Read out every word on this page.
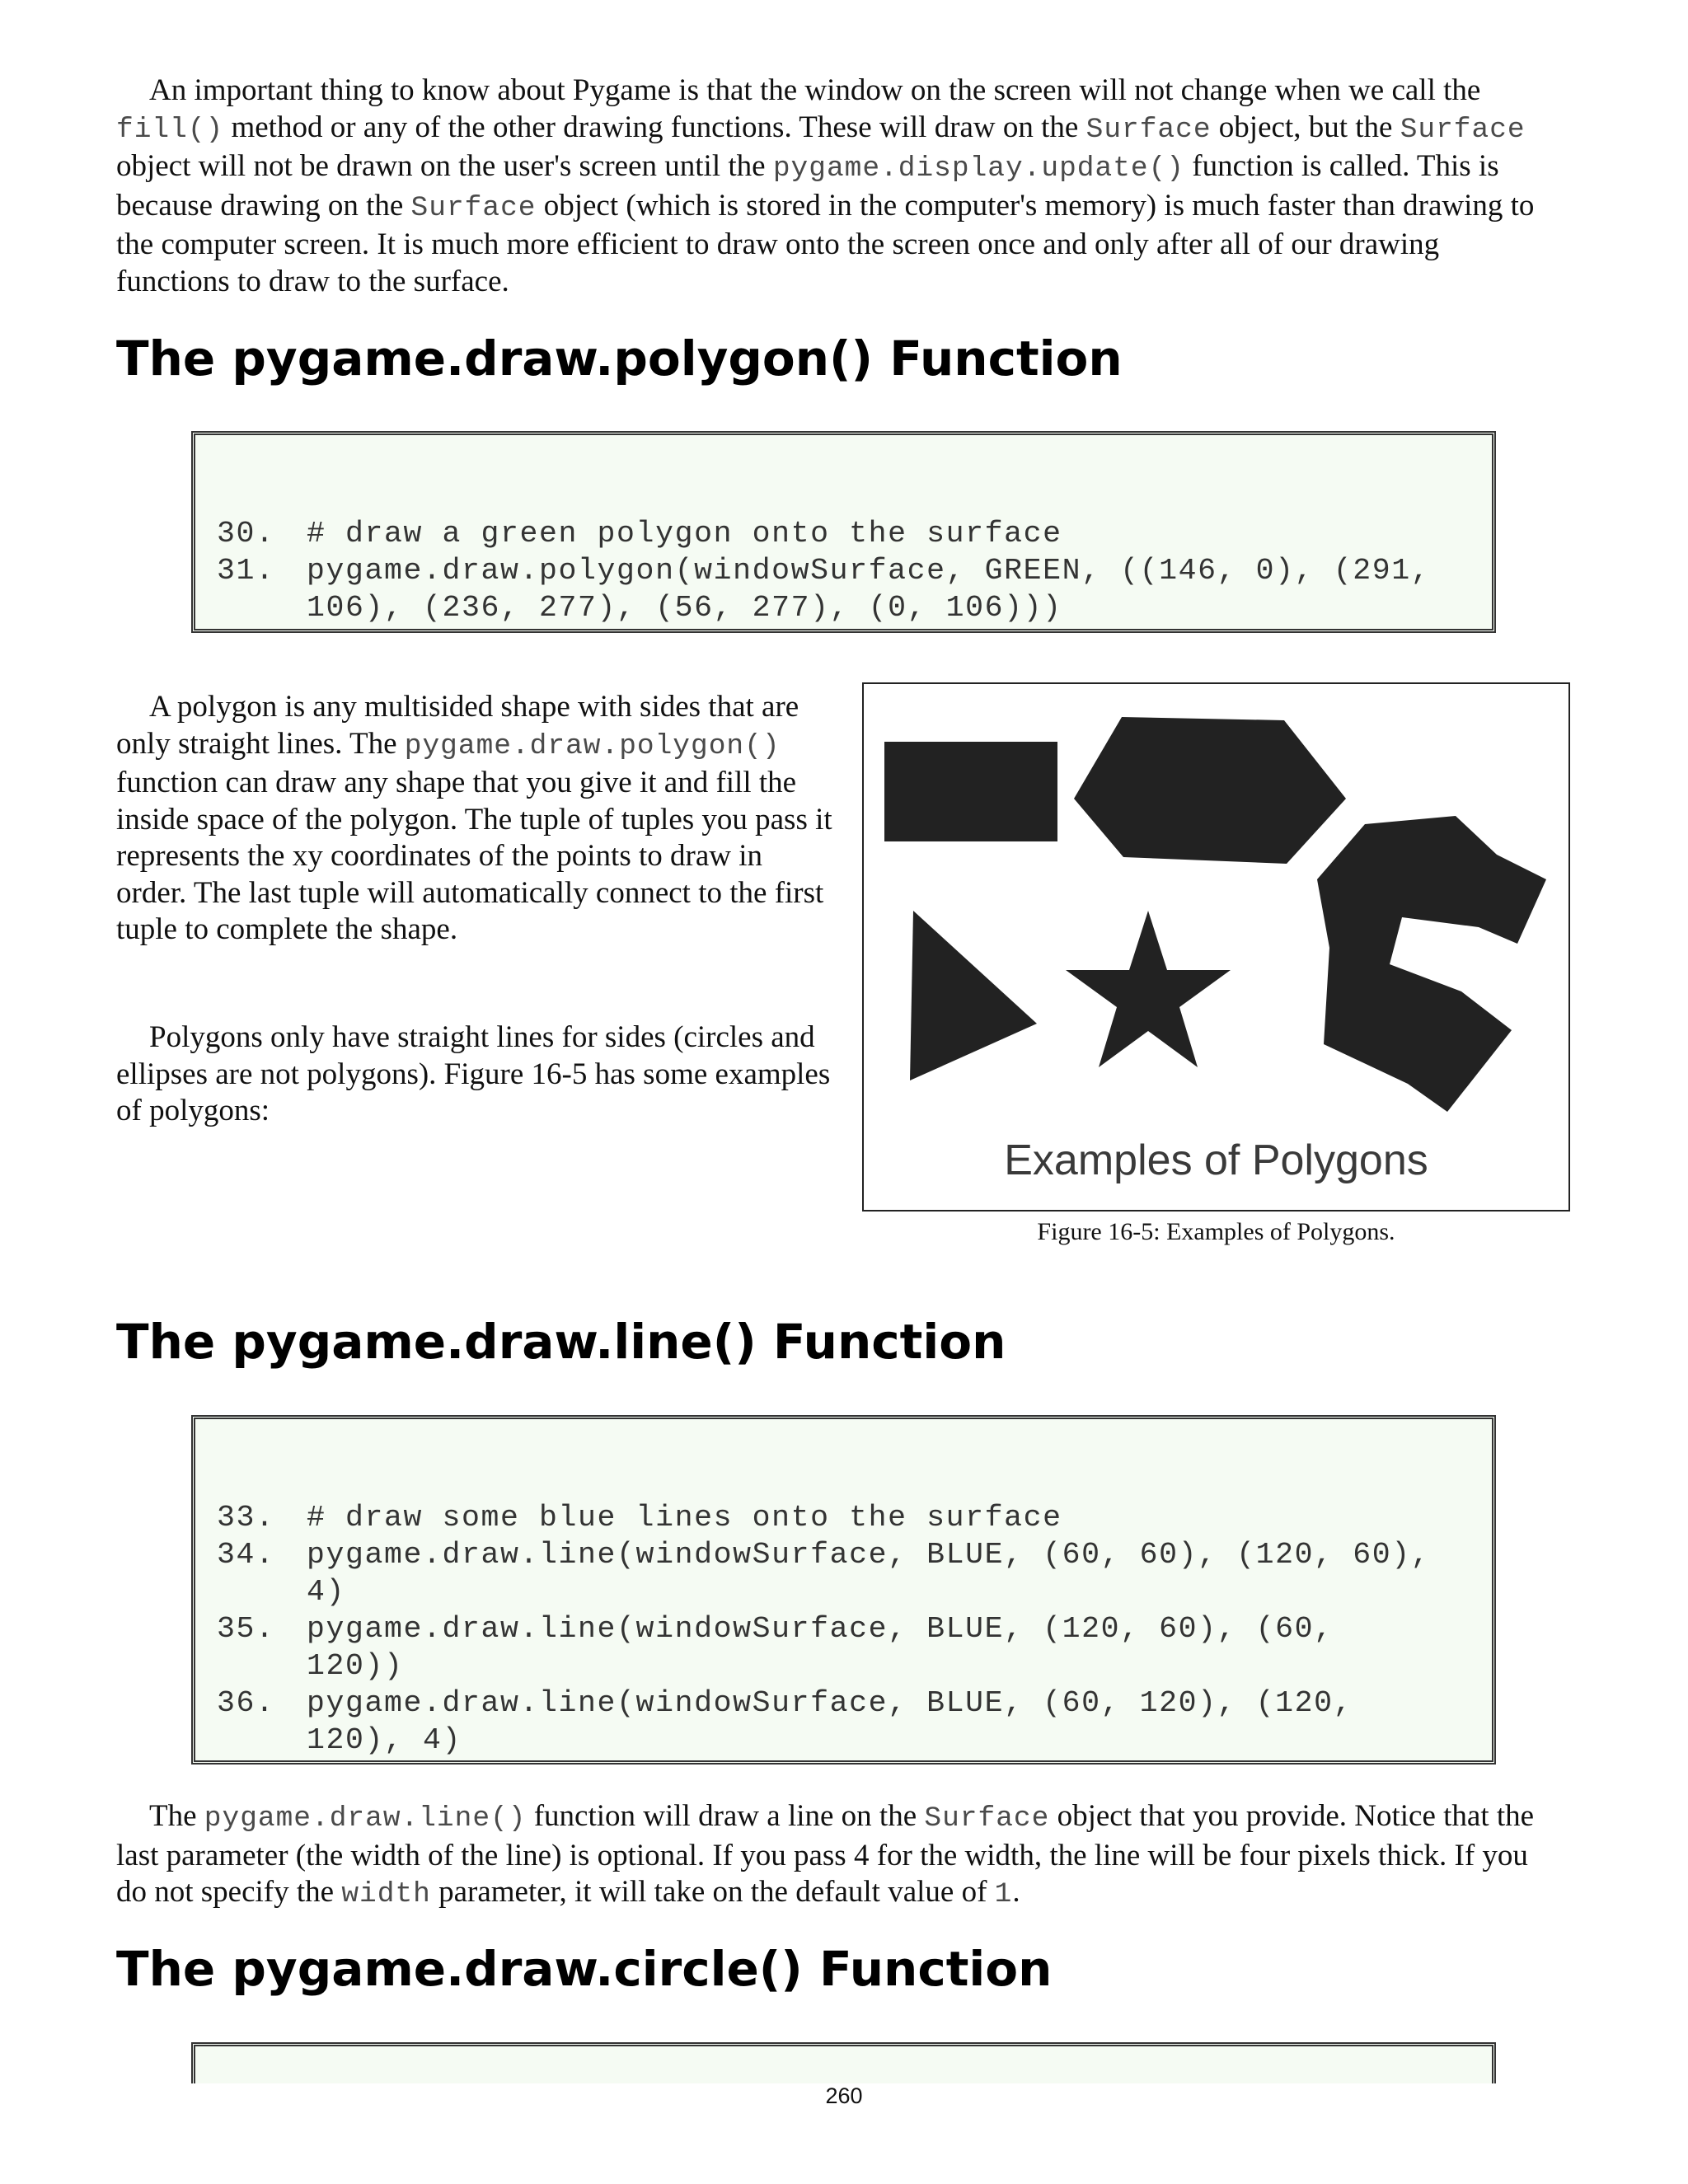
An important thing to know about Pygame is that the window on the screen will not change when we call the fill() method or any of the other drawing functions. These will draw on the Surface object, but the Surface object will not be drawn on the user's screen until the pygame.display.update() function is called. This is because drawing on the Surface object (which is stored in the computer's memory) is much faster than drawing to the computer screen. It is much more efficient to draw onto the screen once and only after all of our drawing functions to draw to the surface.

The pygame.draw.polygon() Function

30. # draw a green polygon onto the surface

31. pygame.draw.polygon(windowSurface, GREEN, ((146, 0), (291,

106), (236, 277), (56, 277), (0, 106)))

A polygon is any multisided shape with sides that are only straight lines. The pygame.draw.polygon() function can draw any shape that you give it and fill the inside space of the polygon. The tuple of tuples you pass it represents the xy coordinates of the points to draw in order. The last tuple will automatically connect to the first tuple to complete the shape.

Polygons only have straight lines for sides (circles and ellipses are not polygons). Figure 16-5 has some examples of polygons:

Examples of Polygons
Figure 16-5: Examples of Polygons.
The pygame.draw.line() Function

33. # draw some blue lines onto the surface

34. pygame.draw.line(windowSurface, BLUE, (60, 60), (120, 60),

4)

35. pygame.draw.line(windowSurface, BLUE, (120, 60), (60,

120))

36. pygame.draw.line(windowSurface, BLUE, (60, 120), (120,

120), 4)

The pygame.draw.line() function will draw a line on the Surface object that you provide. Notice that the last parameter (the width of the line) is optional. If you pass 4 for the width, the line will be four pixels thick. If you do not specify the width parameter, it will take on the default value of 1.

The pygame.draw.circle() Function
260
